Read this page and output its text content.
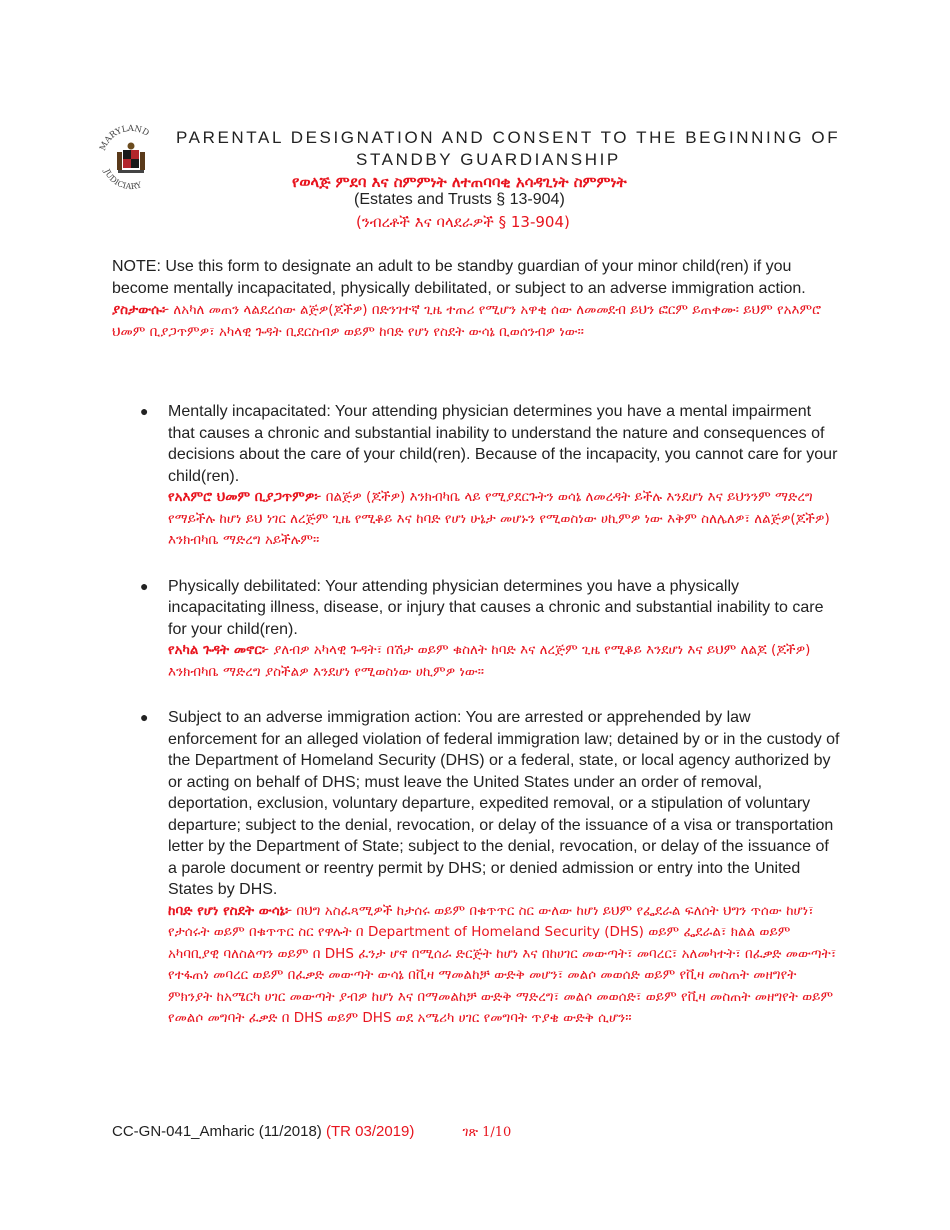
MARYLAND
JUDICIARY
PARENTAL DESIGNATION AND CONSENT TO THE BEGINNING OF
STANDBY GUARDIANSHIP
የወላጅ ምደባ እና ስምምነት ለተጠባባቂ አሳዳጊነት ስምምነት
(Estates and Trusts § 13-904)
(ንብረቶች እና ባላደራዎች § 13-904)
NOTE: Use this form to designate an adult to be standby guardian of your minor child(ren) if you become mentally incapacitated, physically debilitated, or subject to an adverse immigration action.
ያስታውሱ፦ ለአካለ መጠን ላልደረሰው ልጅዎ(ጆችዎ) በድንገተኛ ጊዜ ተጠሪ የሚሆን አዋቂ ሰው ለመመደብ ይህን ፎርም ይጠቀሙ፡ ይህም የአእምሮ ህመም ቢያጋጥምዎ፣ አካላዊ ጉዳት ቢደርስብዎ ወይም ከባድ የሆነ የስደት ውሳኔ ቢወሰንብዎ ነው።
● Mentally incapacitated: Your attending physician determines you have a mental impairment that causes a chronic and substantial inability to understand the nature and consequences of decisions about the care of your child(ren). Because of the incapacity, you cannot care for your child(ren).
የአእምሮ ህመም ቢያጋጥምዎ፦ በልጅዎ (ጆችዎ) እንክብካቤ ላይ የሚያደርጉትን ወሳኔ ለመረዳት ይችሉ እንደሆነ እና ይህንንም ማድረግ የማይችሉ ከሆነ ይህ ነገር ለረጅም ጊዜ የሚቆይ እና ከባድ የሆነ ሁኔታ መሆኑን የሚወስነው ሀኪምዎ ነው እቅም ስለሌለዎ፣ ለልጅዎ(ጆችዎ) እንክብካቤ ማድረግ አይችሉም።
● Physically debilitated: Your attending physician determines you have a physically incapacitating illness, disease, or injury that causes a chronic and substantial inability to care for your child(ren).
የአካል ጉዳት መኖር፦ ያለብዎ አካላዊ ጉዳት፣ በሽታ ወይም ቁስለት ከባድ እና ለረጅም ጊዜ የሚቆይ እንደሆነ እና ይህም ለልጆ (ጆችዎ) እንክብካቤ ማድረግ ያስችልዎ እንደሆነ የሚወስነው ሀኪምዎ ነው።
● Subject to an adverse immigration action: You are arrested or apprehended by law enforcement for an alleged violation of federal immigration law; detained by or in the custody of the Department of Homeland Security (DHS) or a federal, state, or local agency authorized by or acting on behalf of DHS; must leave the United States under an order of removal, deportation, exclusion, voluntary departure, expedited removal, or a stipulation of voluntary departure; subject to the denial, revocation, or delay of the issuance of a visa or transportation letter by the Department of State; subject to the denial, revocation, or delay of the issuance of a parole document or reentry permit by DHS; or denied admission or entry into the United States by DHS.
ከባድ የሆነ የስደት ውሳኔ፦ በህግ አስፈጻሚዎች ከታሰሩ ወይም በቁጥጥር ስር ውለው ከሆነ ይህም የፌደራል ፍለሰት ህግን ጥሰው ከሆነ፣ የታሰሩት ወይም በቁጥጥር ስር የዋሉት በ Department of Homeland Security (DHS) ወይም ፌደራል፣ ክልል ወይም አካባቢያዊ ባለስልጣን ወይም በ DHS ፈንታ ሆኖ በሚሰራ ድርጅት ከሆነ እና በከሀገር መውጣት፣ መባረር፣ አለመካተት፣ በፈቃድ መውጣት፣ የተፋጠነ መባረር ወይም በፈቃድ መውጣት ውሳኔ በቪዛ ማመልከቻ ውድቅ መሆን፣ መልሶ መወሰድ ወይም የቪዛ መስጠት መዘግየት ምክንያት ከአሜርካ ሀገር መውጣት ያብዎ ከሆነ እና በማመልከቻ ውድቅ ማድረግ፣ መልሶ መወሰድ፣ ወይም የቪዛ መስጠት መዘግየት ወይም የመልሶ መግባት ፈቃድ በ DHS ወይም DHS ወደ አሜሪካ ሀገር የመግባት ጥያቄ ውድቅ ሲሆን።
CC-GN-041_Amharic (11/2018) (TR 03/2019)	ገጽ 1/10
